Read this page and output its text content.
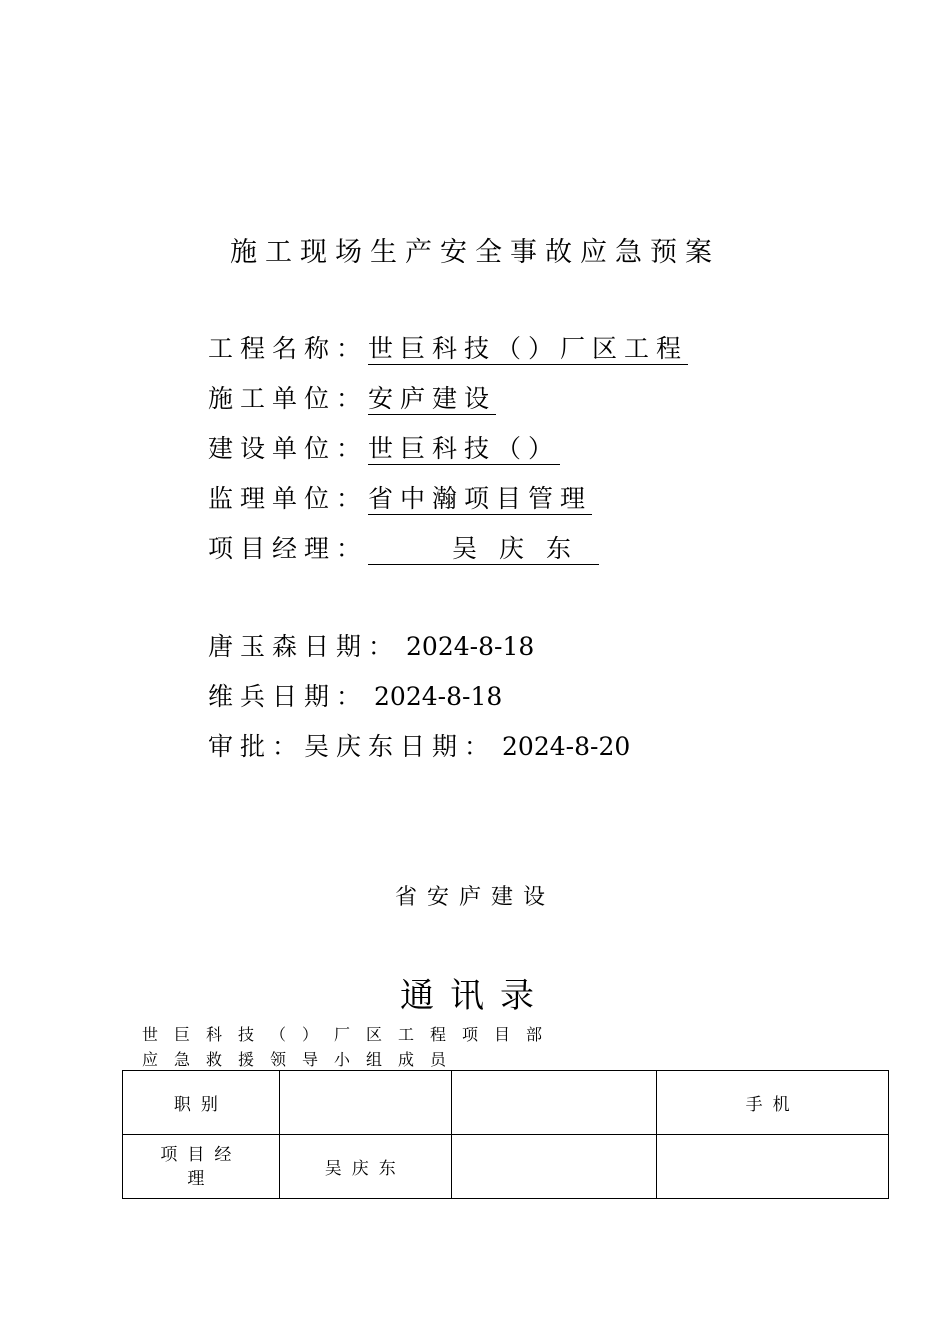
施工现场生产安全事故应急预案
工程名称：世巨科技（）厂区工程
施工单位：安庐建设
建设单位：世巨科技（）
监理单位：省中瀚项目管理
项目经理：	吴庆东
唐玉森日期： 2024-8-18
维兵日期： 2024-8-18
审批：吴庆东日期： 2024-8-20
省安庐建设
通讯录
世巨科技（）厂区工程项目部
应急救援领导小组成员
职别			手机
项目经理	吴庆东		
